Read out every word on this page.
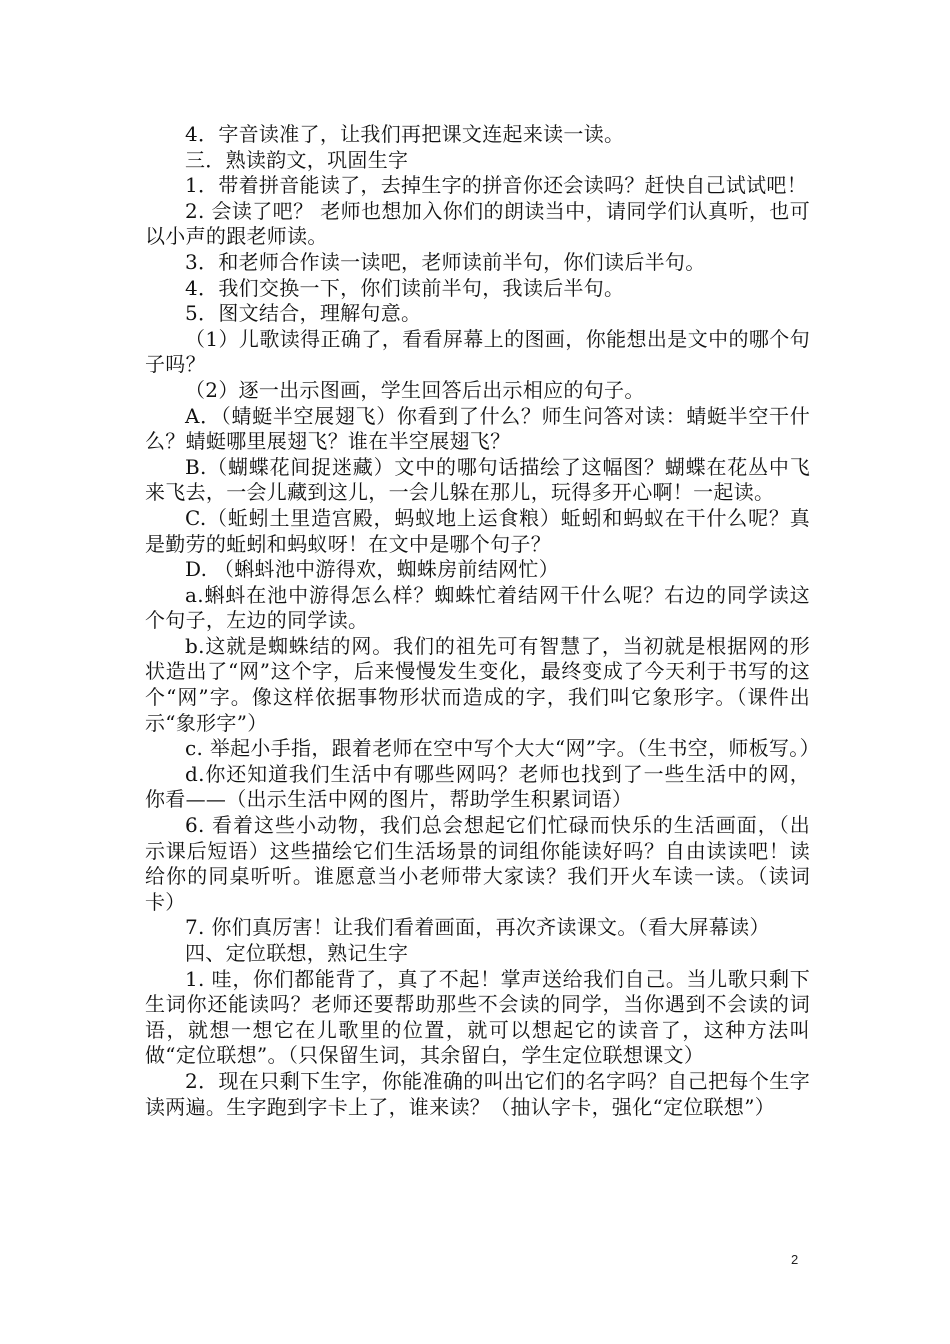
4．字音读准了，让我们再把课文连起来读一读。

三．熟读韵文，巩固生字

1．带着拼音能读了，去掉生字的拼音你还会读吗？赶快自己试试吧！

2. 会读了吧？ 老师也想加入你们的朗读当中，请同学们认真听，也可以小声的跟老师读。

3．和老师合作读一读吧，老师读前半句，你们读后半句。

4．我们交换一下，你们读前半句，我读后半句。

5．图文结合，理解句意。

（1）儿歌读得正确了，看看屏幕上的图画，你能想出是文中的哪个句子吗？

（2）逐一出示图画，学生回答后出示相应的句子。

A．（蜻蜓半空展翅飞）你看到了什么？师生问答对读：蜻蜓半空干什么？蜻蜓哪里展翅飞？谁在半空展翅飞？

B.（蝴蝶花间捉迷藏）文中的哪句话描绘了这幅图？蝴蝶在花丛中飞来飞去，一会儿藏到这儿，一会儿躲在那儿，玩得多开心啊！一起读。

C.（蚯蚓土里造宫殿，蚂蚁地上运食粮）蚯蚓和蚂蚁在干什么呢？真是勤劳的蚯蚓和蚂蚁呀！在文中是哪个句子？

D. （蝌蚪池中游得欢，蜘蛛房前结网忙）

a.蝌蚪在池中游得怎么样？蜘蛛忙着结网干什么呢？右边的同学读这个句子，左边的同学读。

b.这就是蜘蛛结的网。我们的祖先可有智慧了，当初就是根据网的形状造出了“网”这个字，后来慢慢发生变化，最终变成了今天利于书写的这个“网”字。像这样依据事物形状而造成的字，我们叫它象形字。（课件出示“象形字”）

c. 举起小手指，跟着老师在空中写个大大“网”字。（生书空，师板写。）

d.你还知道我们生活中有哪些网吗？老师也找到了一些生活中的网，你看——（出示生活中网的图片，帮助学生积累词语）

6. 看着这些小动物，我们总会想起它们忙碌而快乐的生活画面，（出示课后短语）这些描绘它们生活场景的词组你能读好吗？自由读读吧！读给你的同桌听听。谁愿意当小老师带大家读？我们开火车读一读。（读词卡）

7. 你们真厉害！让我们看着画面，再次齐读课文。（看大屏幕读）

四、定位联想，熟记生字

1. 哇，你们都能背了，真了不起！掌声送给我们自己。当儿歌只剩下生词你还能读吗？老师还要帮助那些不会读的同学，当你遇到不会读的词语，就想一想它在儿歌里的位置，就可以想起它的读音了，这种方法叫做“定位联想”。（只保留生词，其余留白，学生定位联想课文）

2．现在只剩下生字，你能准确的叫出它们的名字吗？自己把每个生字读两遍。生字跑到字卡上了，谁来读？（抽认字卡，强化“定位联想”）

2
